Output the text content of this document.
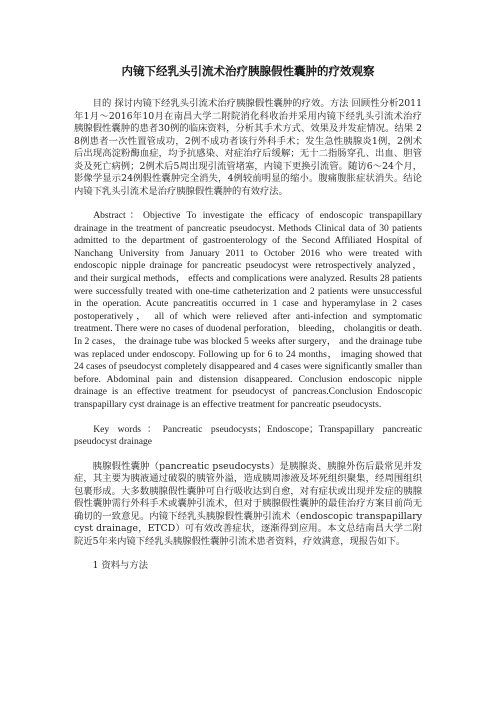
内镜下经乳头引流术治疗胰腺假性囊肿的疗效观察

目的 探讨内镜下经乳头引流术治疗胰腺假性囊肿的疗效。方法 回顾性分析2011年1月～2016年10月在南昌大学二附院消化科收治并采用内镜下经乳头引流术治疗胰腺假性囊肿的患者30例的临床资料，分析其手术方式、效果及并发症情况。结果 28例患者一次性置管成功，2例不成功者该行外科手术；发生急性胰腺炎1例，2例术后出现高淀粉酶血症，均予抗感染、对症治疗后缓解；无十二指肠穿孔、出血、胆管炎及死亡病例；2例术后5周出现引流管堵塞，内镜下更换引流管。随访6～24个月，影像学显示24例假性囊肿完全消失，4例较前明显的缩小。腹痛腹胀症状消失。结论 内镜下乳头引流术是治疗胰腺假性囊肿的有效疗法。

Abstract：Objective To investigate the efficacy of endoscopic transpapillary drainage in the treatment of pancreatic pseudocyst. Methods Clinical data of 30 patients admitted to the department of gastroenterology of the Second Affiliated Hospital of Nanchang University from January 2011 to October 2016 who were treated with endoscopic nipple drainage for pancreatic pseudocyst were retrospectively analyzed， and their surgical methods， effects and complications were analyzed. Results 28 patients were successfully treated with one-time catheterization and 2 patients were unsuccessful in the operation. Acute pancreatitis occurred in 1 case and hyperamylase in 2 cases postoperatively， all of which were relieved after anti-infection and symptomatic treatment. There were no cases of duodenal perforation， bleeding， cholangitis or death. In 2 cases， the drainage tube was blocked 5 weeks after surgery， and the drainage tube was replaced under endoscopy. Following up for 6 to 24 months， imaging showed that 24 cases of pseudocyst completely disappeared and 4 cases were significantly smaller than before. Abdominal pain and distension disappeared. Conclusion endoscopic nipple drainage is an effective treatment for pseudocyst of pancreas.Conclusion Endoscopic transpapillary cyst drainage is an effective treatment for pancreatic pseudocysts.

Key words：Pancreatic pseudocysts；Endoscope；Transpapillary pancreatic pseudocyst drainage

胰腺假性囊肿（pancreatic pseudocysts）是胰腺炎、胰腺外伤后最常见并发症，其主要为胰液通过破裂的胰管外溢，造成胰周渗液及坏死组织聚集，经周围组织包裹形成。大多数胰腺假性囊肿可自行吸收达到自愈，对有症状或出现并发症的胰腺假性囊肿需行外科手术或囊肿引流术，但对于胰腺假性囊肿的最佳治疗方案目前尚无确切的一致意见。内镜下经乳头胰腺假性囊肿引流术（endoscopic transpapillary cyst drainage，ETCD）可有效改善症状，逐渐得到应用。本文总结南昌大学二附院近5年来内镜下经乳头胰腺假性囊肿引流术患者资料，疗效满意，现报告如下。

1 资料与方法
